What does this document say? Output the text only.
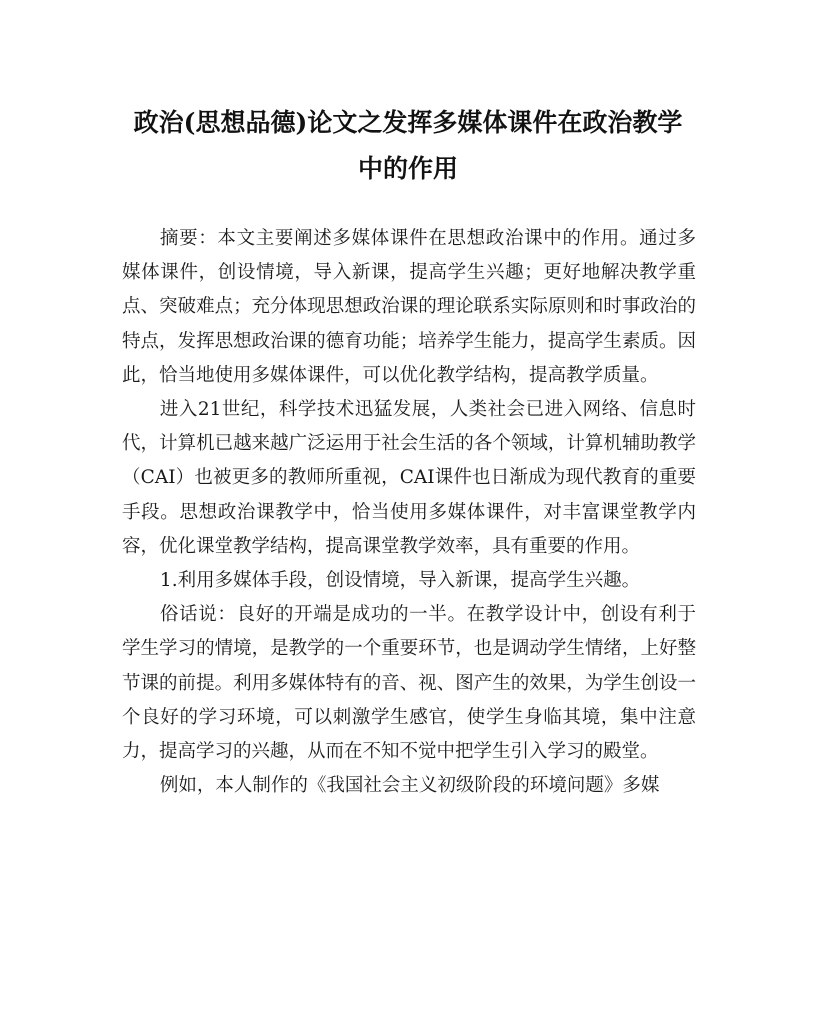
政治(思想品德)论文之发挥多媒体课件在政治教学中的作用

摘要：本文主要阐述多媒体课件在思想政治课中的作用。通过多媒体课件，创设情境，导入新课，提高学生兴趣；更好地解决教学重点、突破难点；充分体现思想政治课的理论联系实际原则和时事政治的特点，发挥思想政治课的德育功能；培养学生能力，提高学生素质。因此，恰当地使用多媒体课件，可以优化教学结构，提高教学质量。

进入21世纪，科学技术迅猛发展，人类社会已进入网络、信息时代，计算机已越来越广泛运用于社会生活的各个领域，计算机辅助教学（CAI）也被更多的教师所重视，CAI课件也日渐成为现代教育的重要手段。思想政治课教学中，恰当使用多媒体课件，对丰富课堂教学内容，优化课堂教学结构，提高课堂教学效率，具有重要的作用。

1.利用多媒体手段，创设情境，导入新课，提高学生兴趣。

俗话说：良好的开端是成功的一半。在教学设计中，创设有利于学生学习的情境，是教学的一个重要环节，也是调动学生情绪，上好整节课的前提。利用多媒体特有的音、视、图产生的效果，为学生创设一个良好的学习环境，可以刺激学生感官，使学生身临其境，集中注意力，提高学习的兴趣，从而在不知不觉中把学生引入学习的殿堂。

例如，本人制作的《我国社会主义初级阶段的环境问题》多媒
